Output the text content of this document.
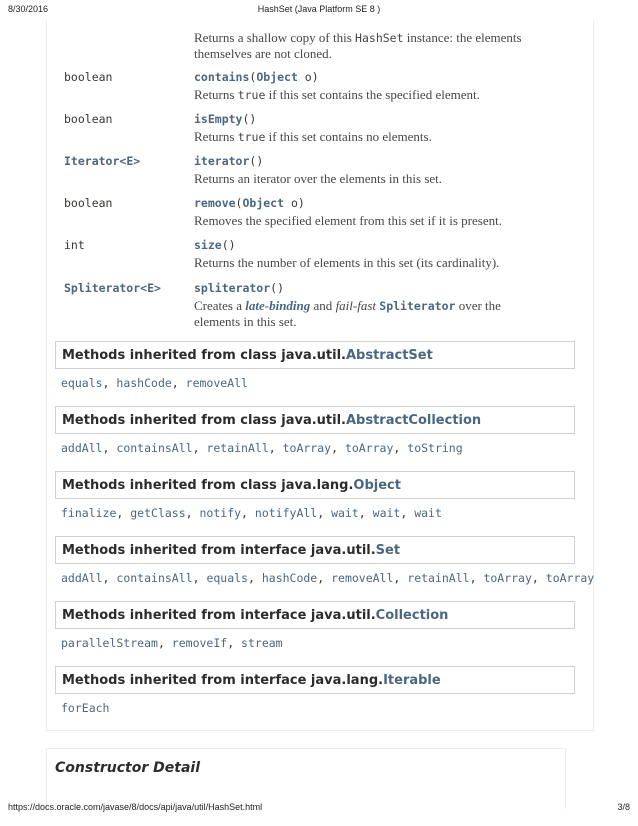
8/30/2016	HashSet (Java Platform SE 8 )
Returns a shallow copy of this HashSet instance: the elements
themselves are not cloned.
boolean	contains(Object o)
Returns true if this set contains the specified element.
boolean	isEmpty()
Returns true if this set contains no elements.
Iterator<E>	iterator()
Returns an iterator over the elements in this set.
boolean	remove(Object o)
Removes the specified element from this set if it is present.
int	size()
Returns the number of elements in this set (its cardinality).
Spliterator<E>	spliterator()
Creates a late-binding and fail-fast Spliterator over the
elements in this set.
Methods inherited from class java.util.AbstractSet
equals, hashCode, removeAll
Methods inherited from class java.util.AbstractCollection
addAll, containsAll, retainAll, toArray, toArray, toString
Methods inherited from class java.lang.Object
finalize, getClass, notify, notifyAll, wait, wait, wait
Methods inherited from interface java.util.Set
addAll, containsAll, equals, hashCode, removeAll, retainAll, toArray, toArray
Methods inherited from interface java.util.Collection
parallelStream, removeIf, stream
Methods inherited from interface java.lang.Iterable
forEach
Constructor Detail
https://docs.oracle.com/javase/8/docs/api/java/util/HashSet.html	3/8
